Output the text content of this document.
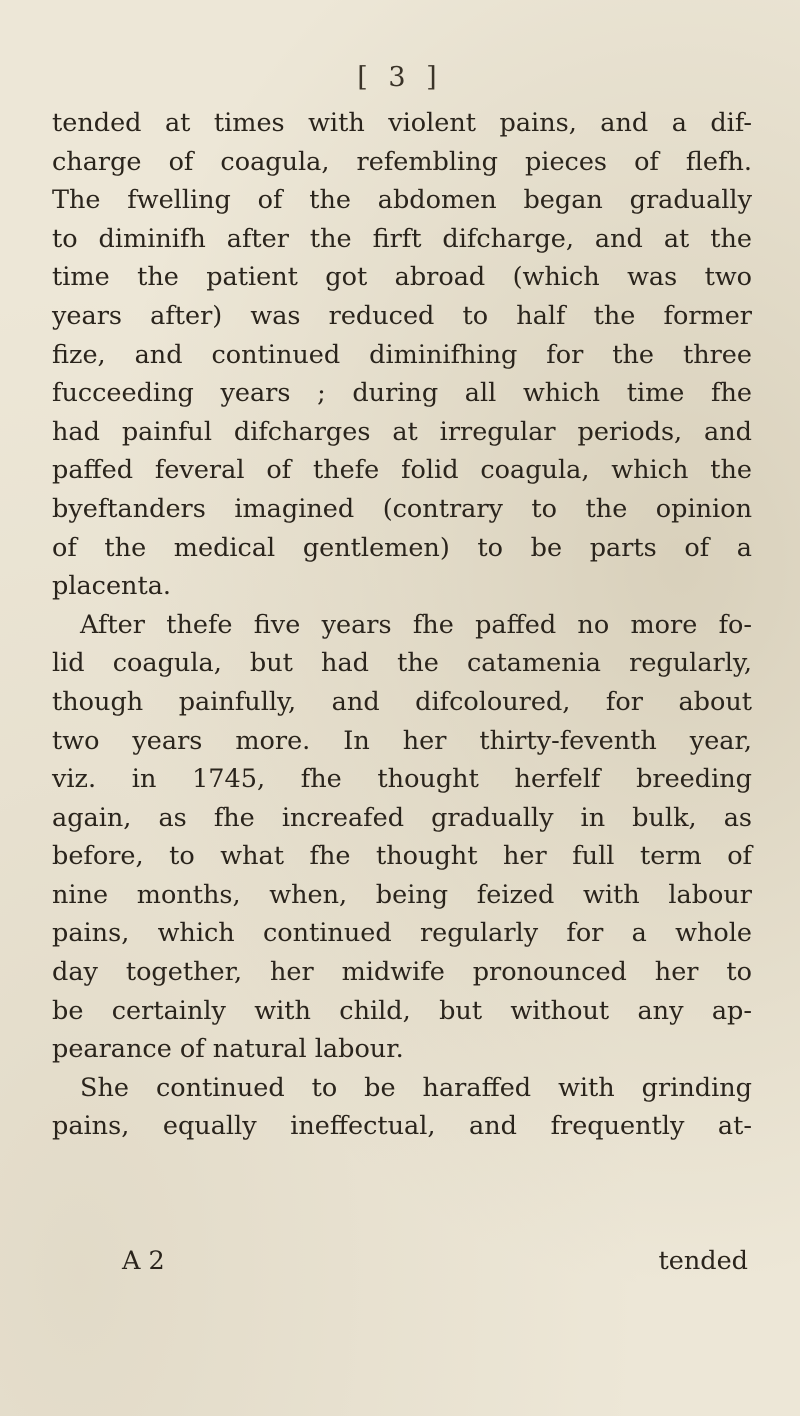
[ 3 ]
tended at times with violent pains, and a dif-
charge of coagula, refembling pieces of flefh.
The fwelling of the abdomen began gradually
to diminifh after the firft difcharge, and at the
time the patient got abroad (which was two
years after) was reduced to half the former
fize, and continued diminifhing for the three
fucceeding years ; during all which time fhe
had painful difcharges at irregular periods, and
paffed feveral of thefe folid coagula, which the
byeftanders imagined (contrary to the opinion
of the medical gentlemen) to be parts of a
placenta.
After thefe five years fhe paffed no more fo-
lid coagula, but had the catamenia regularly,
though painfully, and difcoloured, for about
two years more. In her thirty-feventh year,
viz. in 1745, fhe thought herfelf breeding
again, as fhe increafed gradually in bulk, as
before, to what fhe thought her full term of
nine months, when, being feized with labour
pains, which continued regularly for a whole
day together, her midwife pronounced her to
be certainly with child, but without any ap-
pearance of natural labour.
She continued to be haraffed with grinding
pains, equally ineffectual, and frequently at-
A 2	tended
